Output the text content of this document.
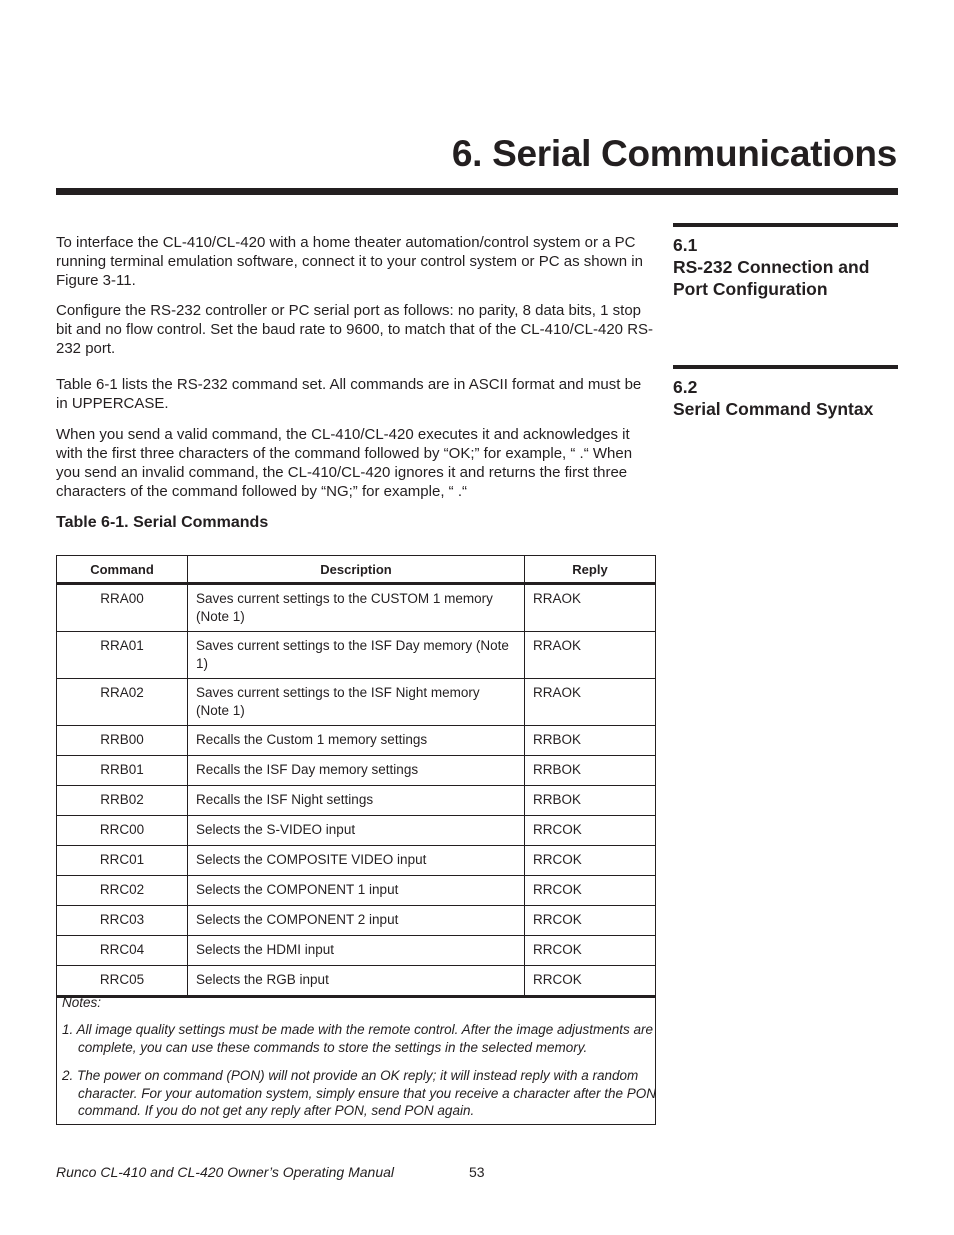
6. Serial Communications

To interface the CL-410/CL-420 with a home theater automation/control system or a PC running terminal emulation software, connect it to your control system or PC as shown in Figure 3-11.

Configure the RS-232 controller or PC serial port as follows: no parity, 8 data bits, 1 stop bit and no flow control. Set the baud rate to 9600, to match that of the CL-410/CL-420 RS-232 port.

Table 6-1 lists the RS-232 command set. All commands are in ASCII format and must be in UPPERCASE.

When you send a valid command, the CL-410/CL-420 executes it and acknowledges it with the first three characters of the command followed by “OK;” for example, “ .“ When you send an invalid command, the CL-410/CL-420 ignores it and returns the first three characters of the command followed by “NG;” for example, “ .“

6.1
RS-232 Connection and Port Configuration
6.2
Serial Command Syntax

Table 6-1. Serial Commands

Command	Description	Reply
RRA00	Saves current settings to the CUSTOM 1 memory (Note 1)	RRAOK
RRA01	Saves current settings to the ISF Day memory (Note 1)	RRAOK
RRA02	Saves current settings to the ISF Night memory (Note 1)	RRAOK
RRB00	Recalls the Custom 1 memory settings	RRBOK
RRB01	Recalls the ISF Day memory settings	RRBOK
RRB02	Recalls the ISF Night settings	RRBOK
RRC00	Selects the S-VIDEO input	RRCOK
RRC01	Selects the COMPOSITE VIDEO input	RRCOK
RRC02	Selects the COMPONENT 1 input	RRCOK
RRC03	Selects the COMPONENT 2 input	RRCOK
RRC04	Selects the HDMI input	RRCOK
RRC05	Selects the RGB input	RRCOK

Notes:

1. All image quality settings must be made with the remote control. After the image adjustments are complete, you can use these commands to store the settings in the selected memory.

2. The power on command (PON) will not provide an OK reply; it will instead reply with a random character. For your automation system, simply ensure that you receive a character after the PON command. If you do not get any reply after PON, send PON again.

Runco CL-410 and CL-420 Owner’s Operating Manual	53
